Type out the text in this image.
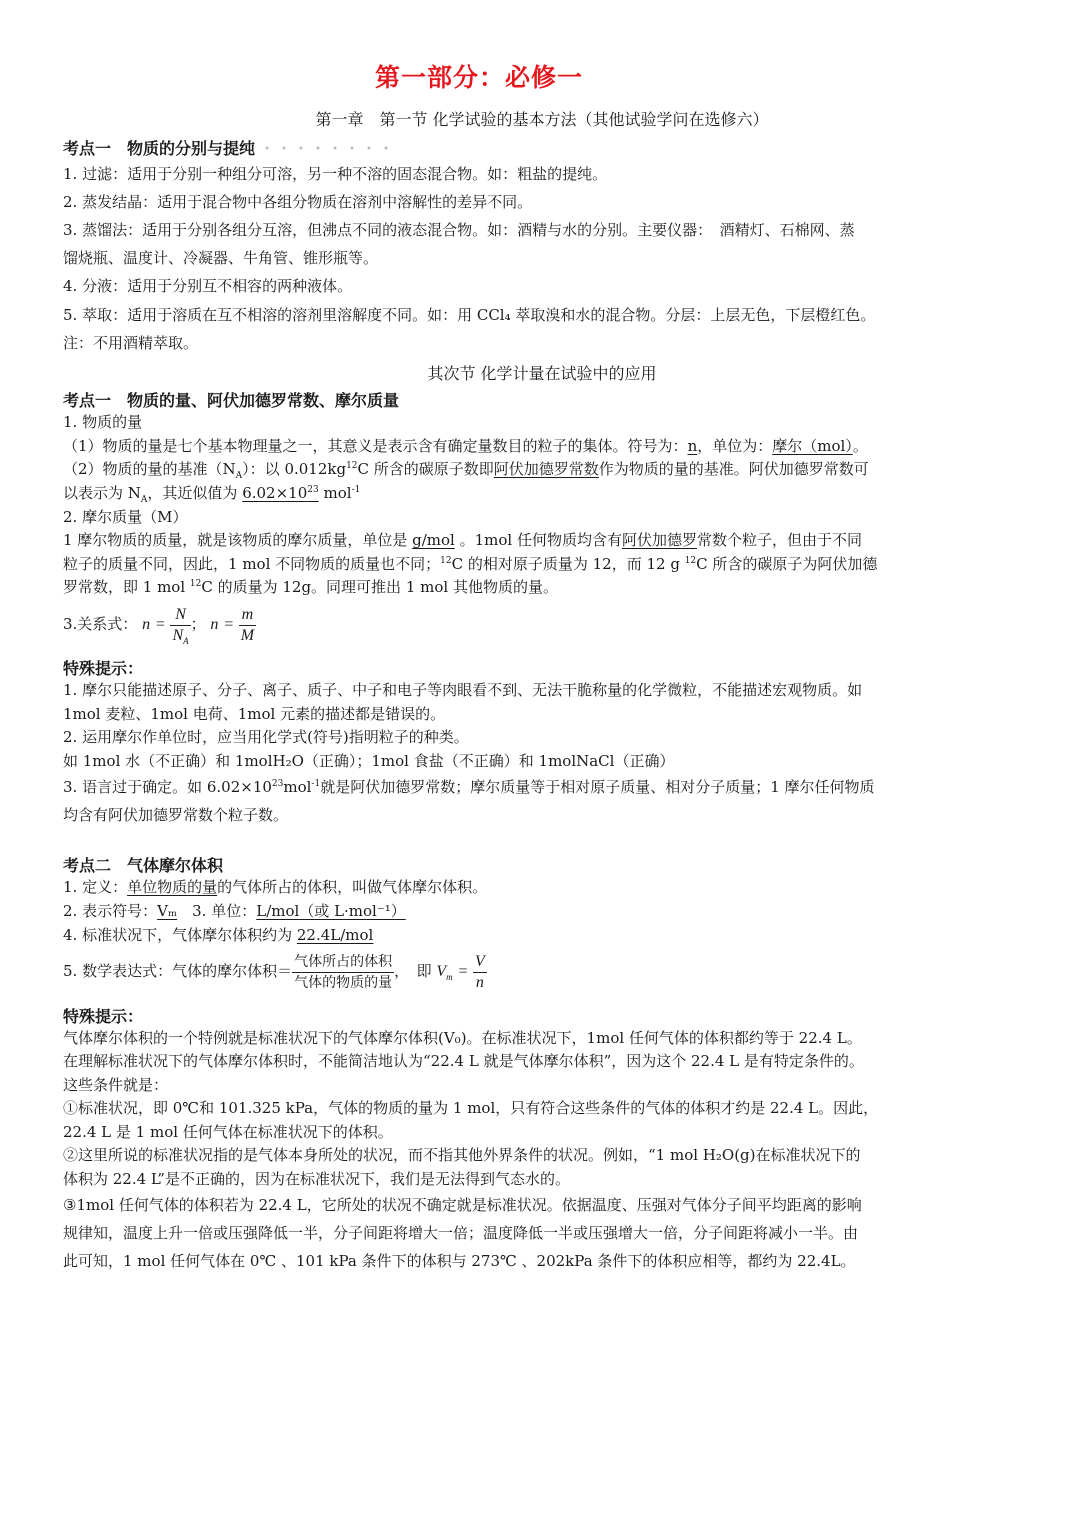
第一部分：必修一
第一章　第一节 化学试验的基本方法（其他试验学问在选修六）
考点一　物质的分别与提纯 ・・・・・・・・
1. 过滤：适用于分别一种组分可溶，另一种不溶的固态混合物。如：粗盐的提纯。
2. 蒸发结晶：适用于混合物中各组分物质在溶剂中溶解性的差异不同。
3. 蒸馏法：适用于分别各组分互溶，但沸点不同的液态混合物。如：酒精与水的分别。主要仪器：　酒精灯、石棉网、蒸
馏烧瓶、温度计、冷凝器、牛角管、锥形瓶等。
4. 分液：适用于分别互不相容的两种液体。
5. 萃取：适用于溶质在互不相溶的溶剂里溶解度不同。如：用 CCl₄ 萃取溴和水的混合物。分层：上层无色，下层橙红色。
注：不用酒精萃取。
其次节 化学计量在试验中的应用
考点一　物质的量、阿伏加德罗常数、摩尔质量
1. 物质的量
（1）物质的量是七个基本物理量之一，其意义是表示含有确定量数目的粒子的集体。符号为：n，单位为：摩尔（mol）。
（2）物质的量的基准$(N_A)$：以 $0.012kg^{12}C$ 所含的碳原子数即阿伏加德罗常数作为物质的量的基准。阿伏加德罗常数可
以表示为 $N_A$，其近似值为 $6.02\times 10^{23}$ mol$^{-1}$
2. 摩尔质量（M）
1 摩尔物质的质量，就是该物质的摩尔质量，单位是 g/mol 。1mol 任何物质均含有阿伏加德罗常数个粒子，但由于不同
粒子的质量不同，因此，1 mol 不同物质的质量也不同；$^{12}$C 的相对原子质量为 12，而 12 g $^{12}$C 所含的碳原子为阿伏加德
罗常数，即 1 mol $^{12}$C 的质量为 12g。同理可推出 1 mol 其他物质的量。
3.关系式： $n = \frac{N}{N_A}$ ； $n = \frac{m}{M}$
特殊提示：
1. 摩尔只能描述原子、分子、离子、质子、中子和电子等肉眼看不到、无法干脆称量的化学微粒，不能描述宏观物质。如
1mol 麦粒、1mol 电荷、1mol 元素的描述都是错误的。
2. 运用摩尔作单位时，应当用化学式(符号)指明粒子的种类。
如 1mol 水（不正确）和 1molH₂O（正确）；1mol 食盐（不正确）和 1molNaCl（正确）
3. 语言过于确定。如 $6.02\times 10^{23}mol^{-1}$就是阿伏加德罗常数；摩尔质量等于相对原子质量、相对分子质量；1 摩尔任何物质
均含有阿伏加德罗常数个粒子数。
考点二　气体摩尔体积
1. 定义：单位物质的量的气体所占的体积，叫做气体摩尔体积。
2. 表示符号：Vₘ　3. 单位：L/mol（或 L·mol⁻¹）
4. 标准状况下，气体摩尔体积约为 22.4L/mol
5. 数学表达式：气体的摩尔体积＝ $\frac{\text{气体所占的体积}}{\text{气体的物质的量}}$ ，　即 $V_m = \frac{V}{n}$
特殊提示：
气体摩尔体积的一个特例就是标准状况下的气体摩尔体积(V₀)。在标准状况下，1mol 任何气体的体积都约等于 22.4 L。
在理解标准状况下的气体摩尔体积时，不能简洁地认为“22.4 L 就是气体摩尔体积”，因为这个 22.4 L 是有特定条件的。
这些条件就是：
①标准状况，即 0℃和 101.325 kPa，气体的物质的量为 1 mol，只有符合这些条件的气体的体积才约是 22.4 L。因此，
22.4 L 是 1 mol 任何气体在标准状况下的体积。
②这里所说的标准状况指的是气体本身所处的状况，而不指其他外界条件的状况。例如，“1 mol H₂O(g)在标准状况下的
体积为 22.4 L”是不正确的，因为在标准状况下，我们是无法得到气态水的。
③1mol 任何气体的体积若为 22.4 L，它所处的状况不确定就是标准状况。依据温度、压强对气体分子间平均距离的影响
规律知，温度上升一倍或压强降低一半，分子间距将增大一倍；温度降低一半或压强增大一倍，分子间距将减小一半。由
此可知，1 mol 任何气体在 0℃ 、101 kPa 条件下的体积与 273℃ 、202kPa 条件下的体积应相等，都约为 22.4L。
